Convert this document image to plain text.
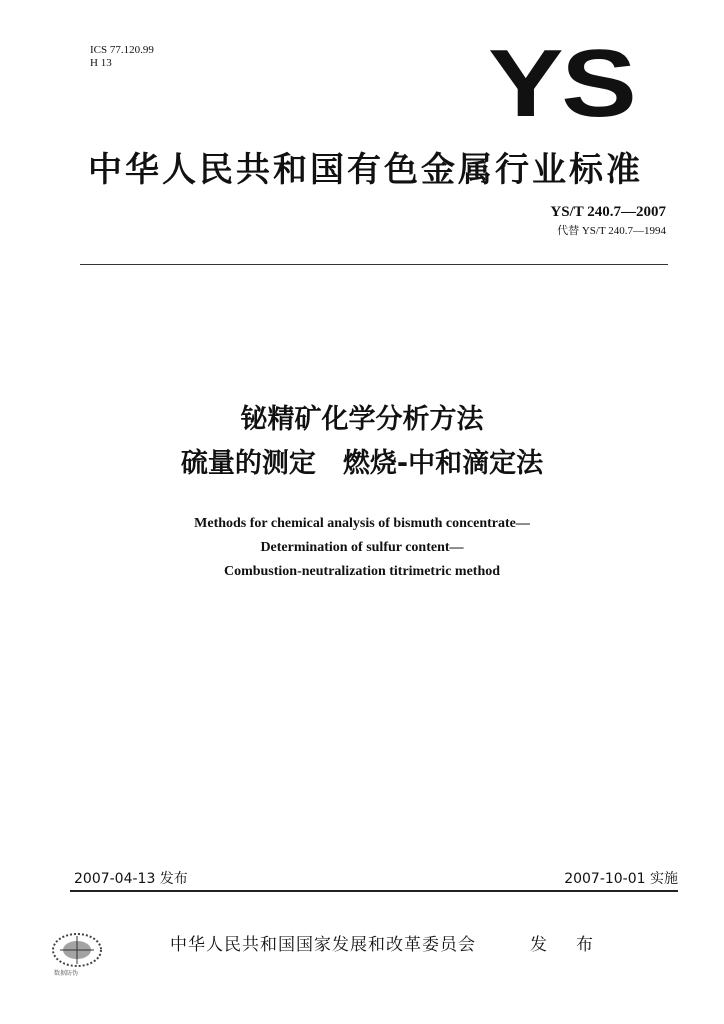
ICS 77.120.99
H 13	YS
中华人民共和国有色金属行业标准
YS/T 240.7—2007
代替 YS/T 240.7—1994
铋精矿化学分析方法
硫量的测定　燃烧-中和滴定法
Methods for chemical analysis of bismuth concentrate—
Determination of sulfur content—
Combustion-neutralization titrimetric method
2007-04-13 发布	2007-10-01 实施
数据防伪
中华人民共和国国家发展和改革委员会	发　布
